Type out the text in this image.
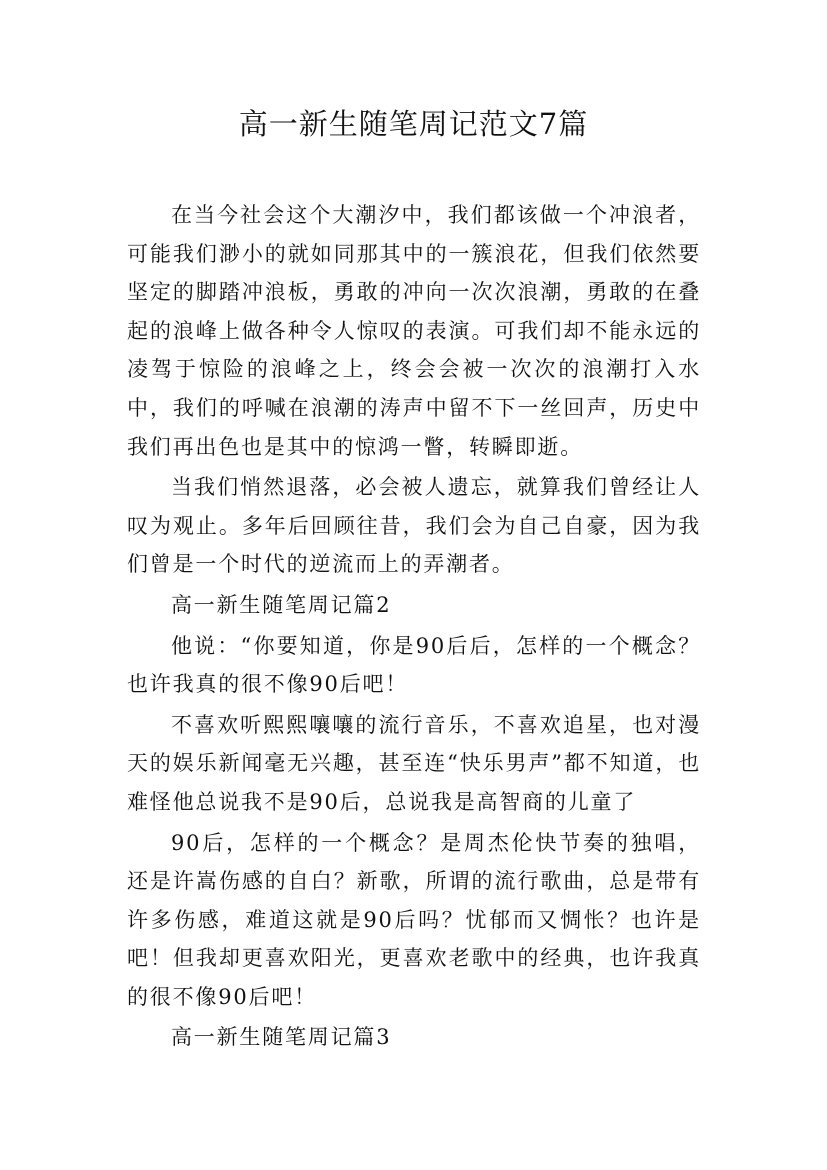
高一新生随笔周记范文7篇

在当今社会这个大潮汐中，我们都该做一个冲浪者，可能我们渺小的就如同那其中的一簇浪花，但我们依然要坚定的脚踏冲浪板，勇敢的冲向一次次浪潮，勇敢的在叠起的浪峰上做各种令人惊叹的表演。可我们却不能永远的凌驾于惊险的浪峰之上，终会会被一次次的浪潮打入水中，我们的呼喊在浪潮的涛声中留不下一丝回声，历史中我们再出色也是其中的惊鸿一瞥，转瞬即逝。

当我们悄然退落，必会被人遗忘，就算我们曾经让人叹为观止。多年后回顾往昔，我们会为自己自豪，因为我们曾是一个时代的逆流而上的弄潮者。

高一新生随笔周记篇2

他说：“你要知道，你是90后后，怎样的一个概念？也许我真的很不像90后吧！

不喜欢听熙熙嚷嚷的流行音乐，不喜欢追星，也对漫天的娱乐新闻毫无兴趣，甚至连“快乐男声”都不知道，也难怪他总说我不是90后，总说我是高智商的儿童了

90后，怎样的一个概念？是周杰伦快节奏的独唱，还是许嵩伤感的自白？新歌，所谓的流行歌曲，总是带有许多伤感，难道这就是90后吗？忧郁而又惆怅？也许是吧！但我却更喜欢阳光，更喜欢老歌中的经典，也许我真的很不像90后吧！

高一新生随笔周记篇3
